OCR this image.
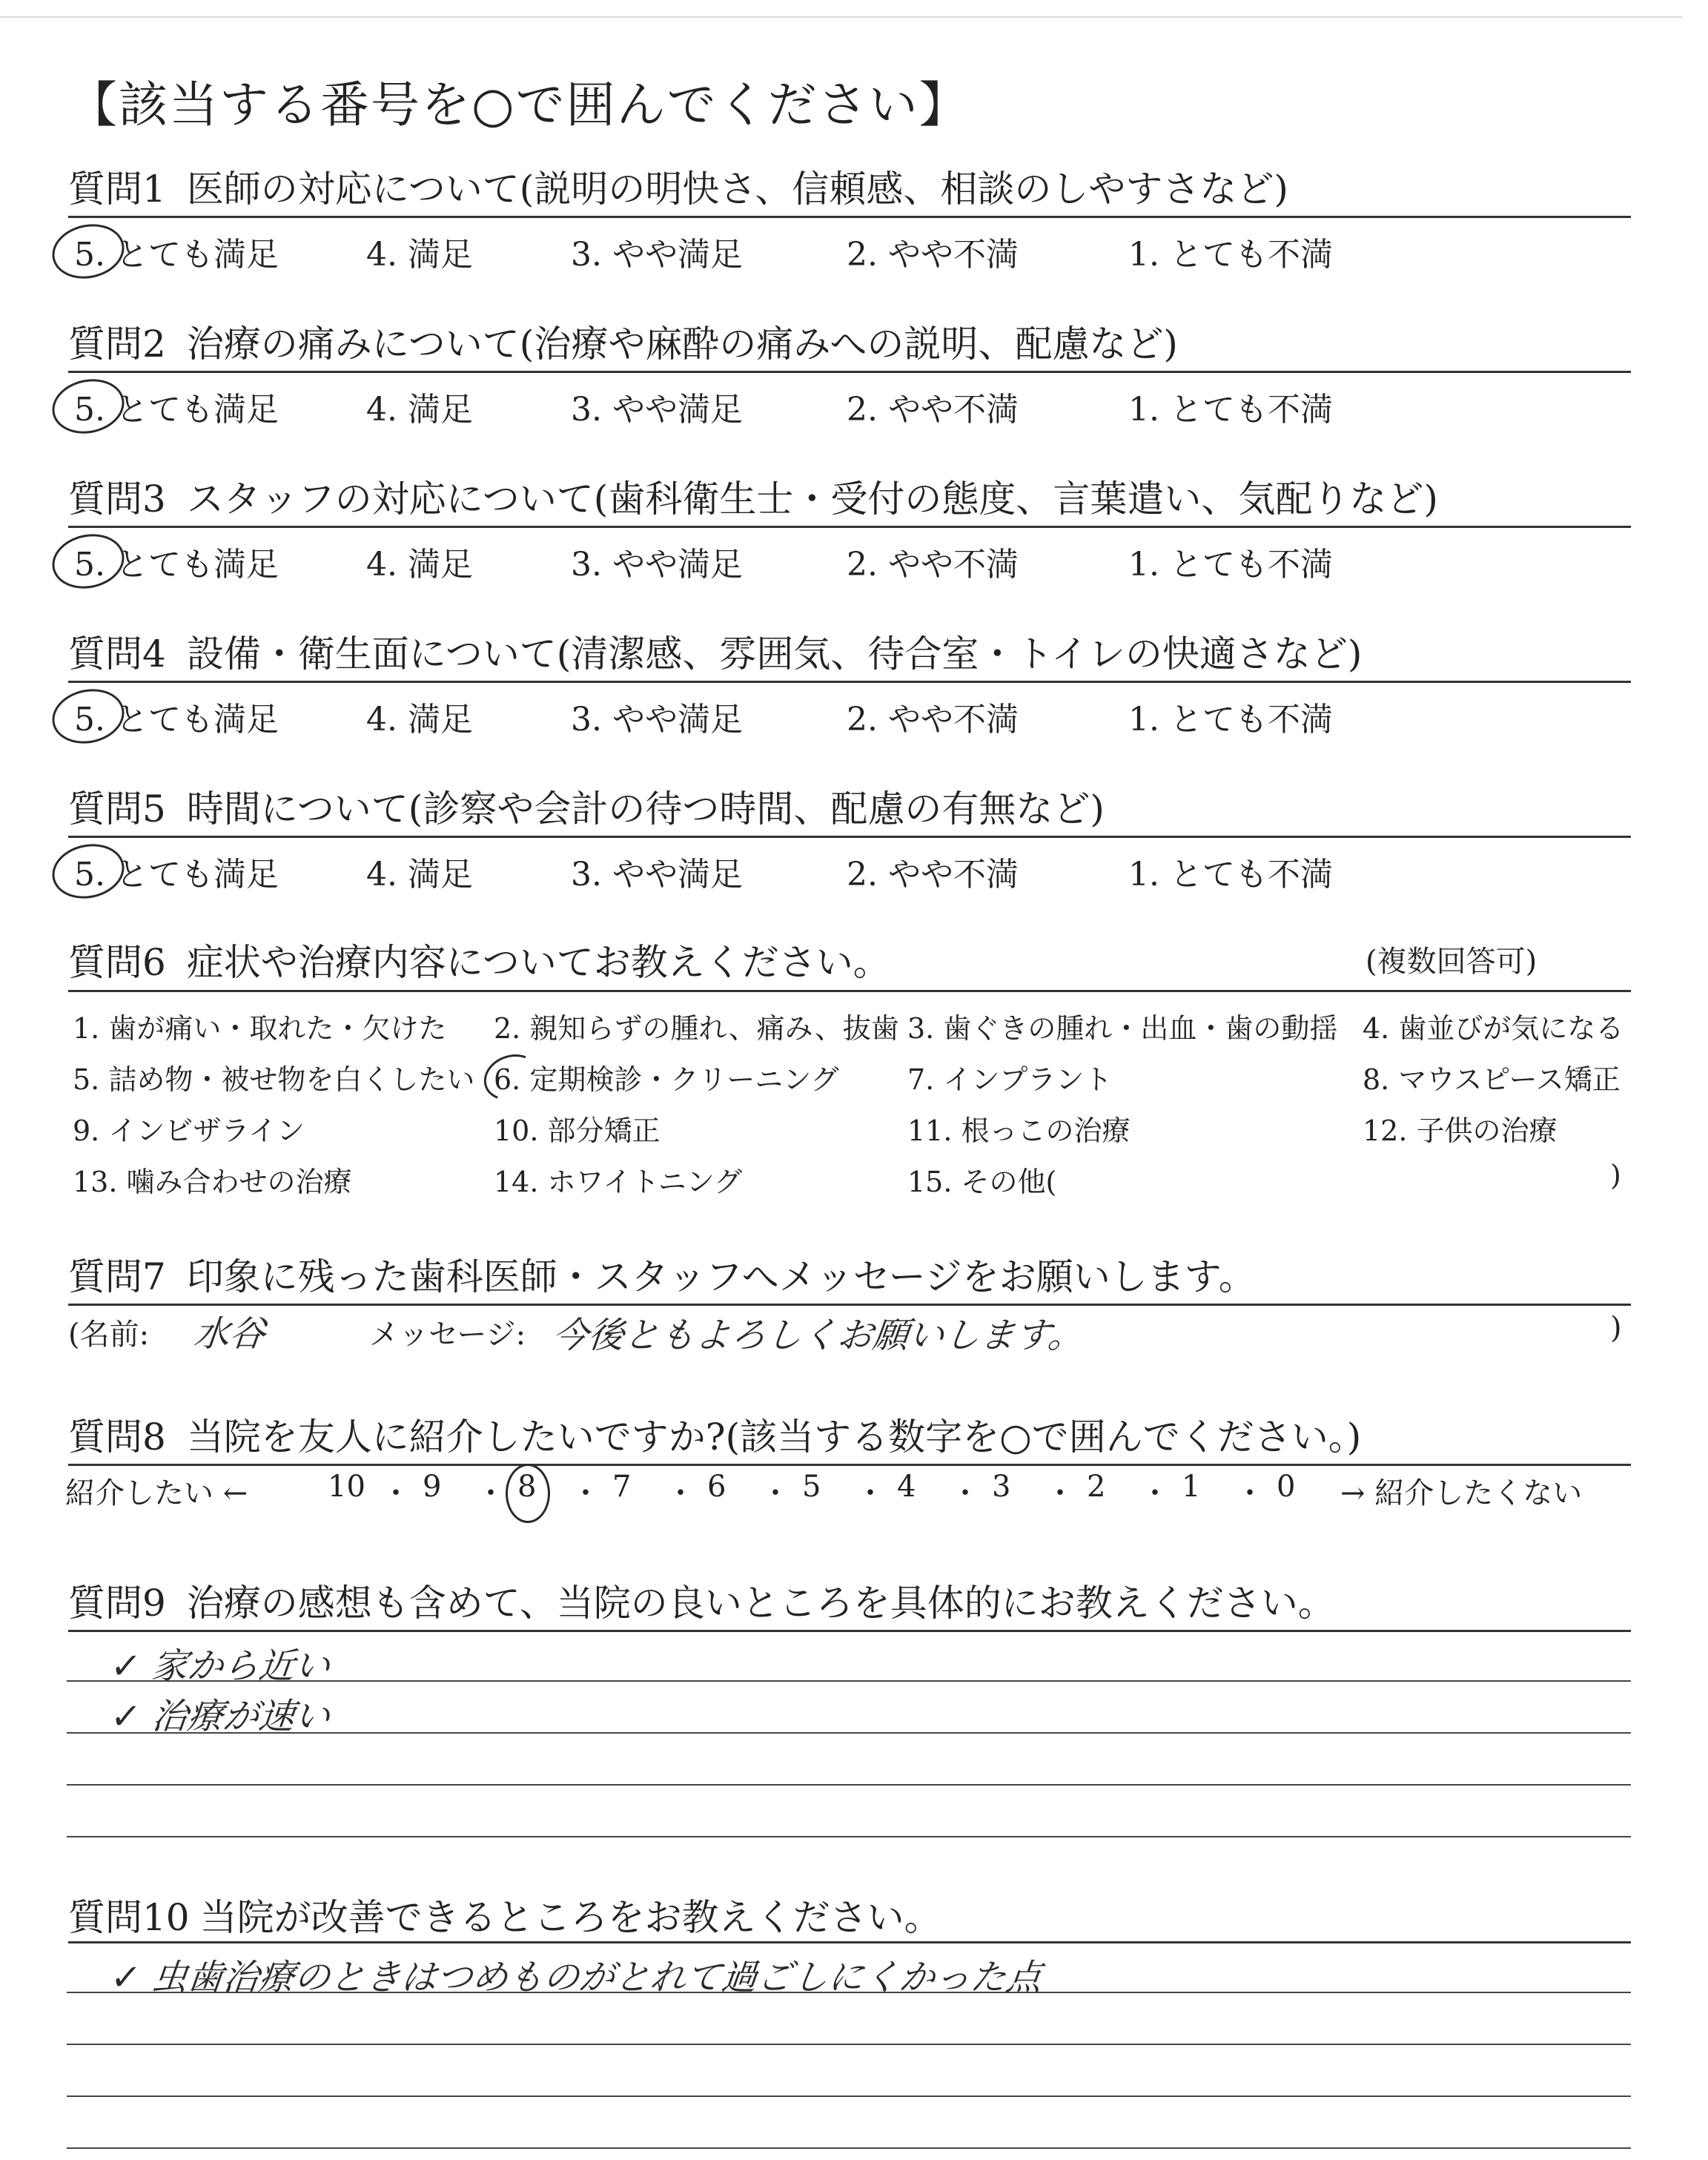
【該当する番号を○で囲んでください】
質問1 医師の対応について(説明の明快さ、信頼感、相談のしやすさなど)
5. とても満足	4. 満足	3. やや満足	2. やや不満	1. とても不満
質問2 治療の痛みについて(治療や麻酔の痛みへの説明、配慮など)
5. とても満足	4. 満足	3. やや満足	2. やや不満	1. とても不満
質問3 スタッフの対応について(歯科衛生士・受付の態度、言葉遣い、気配りなど)
5. とても満足	4. 満足	3. やや満足	2. やや不満	1. とても不満
質問4 設備・衛生面について(清潔感、雰囲気、待合室・トイレの快適さなど)
5. とても満足	4. 満足	3. やや満足	2. やや不満	1. とても不満
質問5 時間について(診察や会計の待つ時間、配慮の有無など)
5. とても満足	4. 満足	3. やや満足	2. やや不満	1. とても不満
質問6 症状や治療内容についてお教えください。	(複数回答可)
1. 歯が痛い・取れた・欠けた 2. 親知らずの腫れ、痛み、抜歯 3. 歯ぐきの腫れ・出血・歯の動揺 4. 歯並びが気になる
5. 詰め物・被せ物を白くしたい 6. 定期検診・クリーニング 7. インプラント	8. マウスピース矯正
9. インビザライン	10. 部分矯正	11. 根っこの治療	12. 子供の治療
13. 噛み合わせの治療	14. ホワイトニング	15. その他(	)
質問7 印象に残った歯科医師・スタッフへメッセージをお願いします。
(名前: 水谷	メッセージ: 今後ともよろしくお願いします。	)
質問8 当院を友人に紹介したいですか?(該当する数字を○で囲んでください。)
紹介したい ←	10 ・ 9 ・ 8 ・ 7 ・ 6 ・ 5 ・ 4 ・ 3 ・ 2 ・ 1 ・ 0 → 紹介したくない
質問9 治療の感想も含めて、当院の良いところを具体的にお教えください。
✓ 家から近い
✓ 治療が速い
質問10 当院が改善できるところをお教えください。
✓ 虫歯治療のときはつめものがとれて過ごしにくかった点
